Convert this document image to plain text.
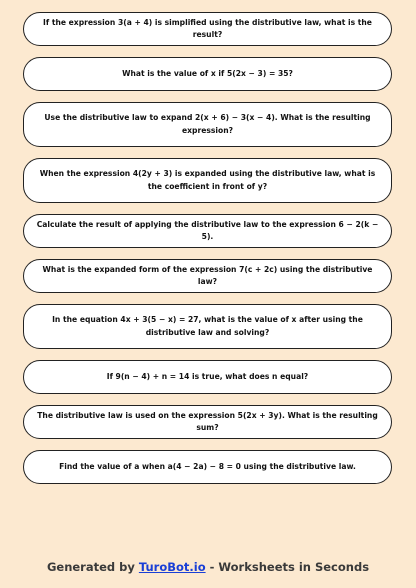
If the expression 3(a + 4) is simplified using the distributive law, what is the result?
What is the value of x if 5(2x − 3) = 35?
Use the distributive law to expand 2(x + 6) − 3(x − 4). What is the resulting expression?
When the expression 4(2y + 3) is expanded using the distributive law, what is the coefficient in front of y?
Calculate the result of applying the distributive law to the expression 6 − 2(k − 5).
What is the expanded form of the expression 7(c + 2c) using the distributive law?
In the equation 4x + 3(5 − x) = 27, what is the value of x after using the distributive law and solving?
If 9(n − 4) + n = 14 is true, what does n equal?
The distributive law is used on the expression 5(2x + 3y). What is the resulting sum?
Find the value of a when a(4 − 2a) − 8 = 0 using the distributive law.
Generated by TuroBot.io - Worksheets in Seconds
